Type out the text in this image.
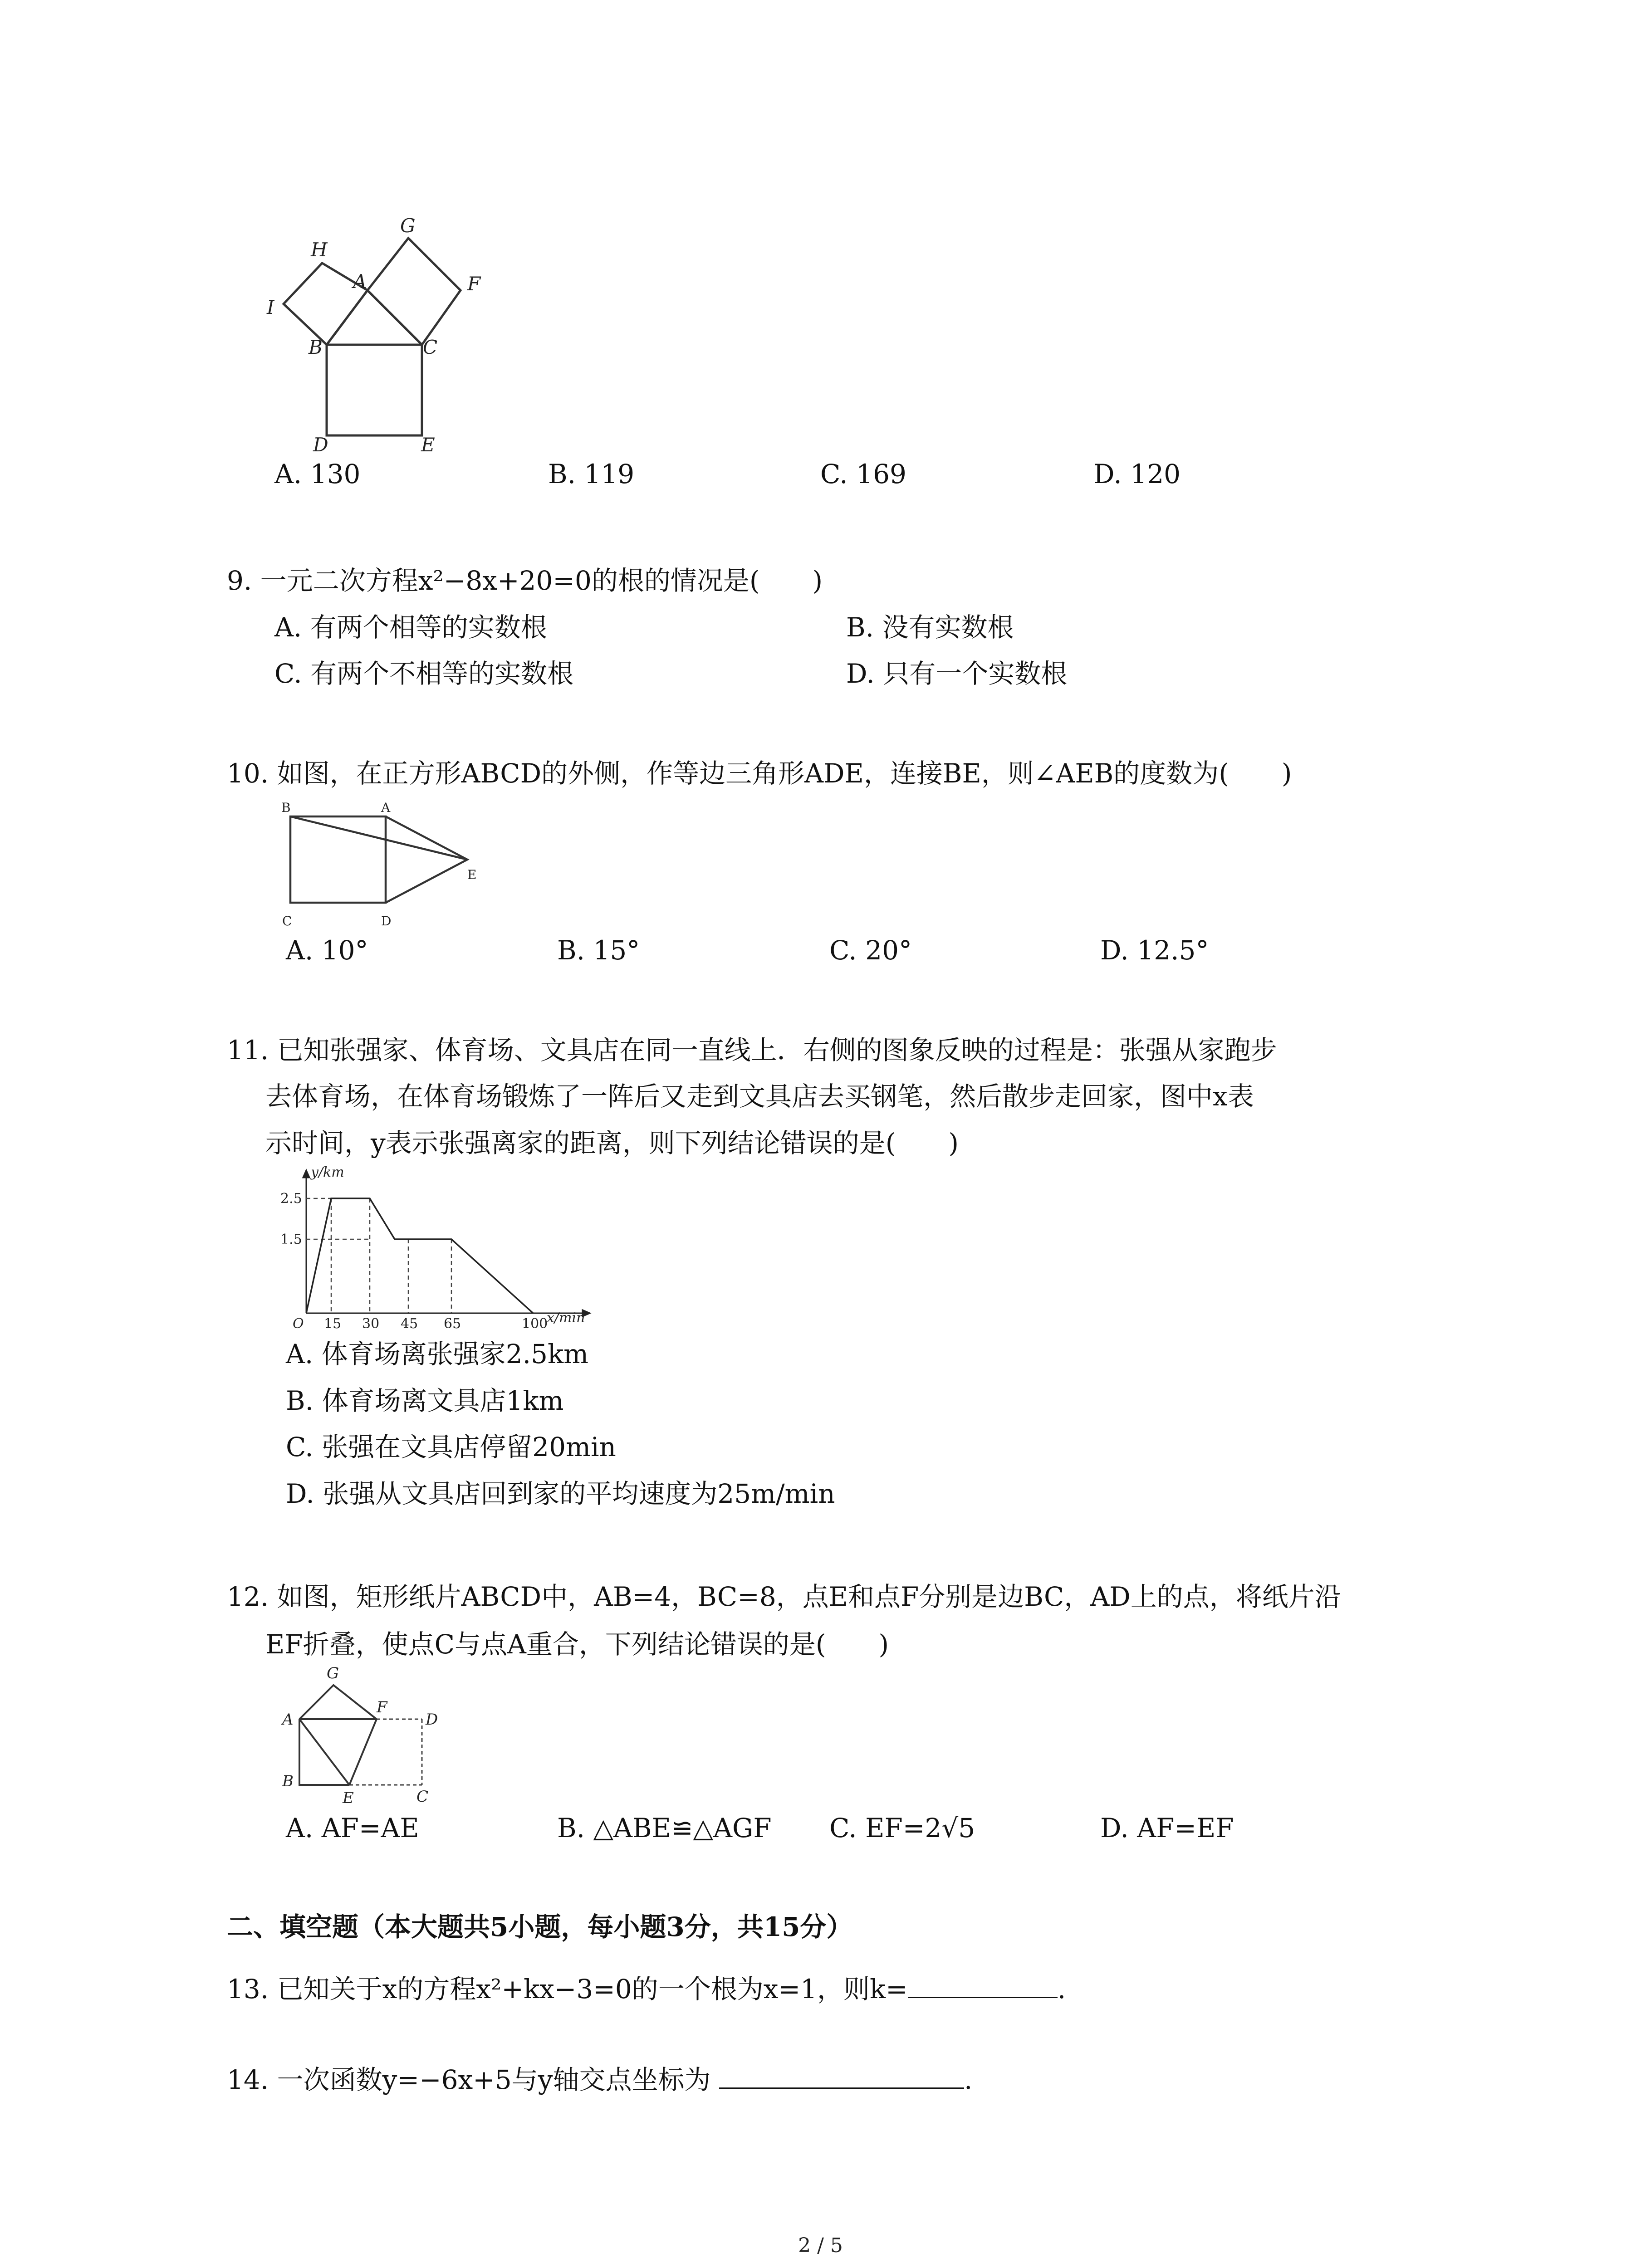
G
H
A	F
I
B	C
D	E
A. 130	B. 119	C. 169	D. 120
9. 一元二次方程x²−8x+20=0的根的情况是(　　)
A. 有两个相等的实数根	B. 没有实数根
C. 有两个不相等的实数根	D. 只有一个实数根
10. 如图，在正方形ABCD的外侧，作等边三角形ADE，连接BE，则∠AEB的度数为(　　)
B	A
C	D
E
A. 10°	B. 15°	C. 20°	D. 12.5°
11. 已知张强家、体育场、文具店在同一直线上．右侧的图象反映的过程是：张强从家跑步
去体育场，在体育场锻炼了一阵后又走到文具店去买钢笔，然后散步走回家，图中x表
示时间，y表示张强离家的距离，则下列结论错误的是(　　)
y/km
2.5
1.5
O 15 30 45 65	100
x/min
A. 体育场离张强家2.5km
B. 体育场离文具店1km
C. 张强在文具店停留20min
D. 张强从文具店回到家的平均速度为25m/min
12. 如图，矩形纸片ABCD中，AB=4，BC=8，点E和点F分别是边BC，AD上的点，将纸片沿
EF折叠，使点C与点A重合，下列结论错误的是(　　)
G
F
A	D
B
E	C
A. AF=AE	B. △ABE≌△AGF C. EF=2√5	D. AF=EF
二、填空题（本大题共5小题，每小题3分，共15分）
13. 已知关于x的方程x²+kx−3=0的一个根为x=1，则k=	.
14. 一次函数y=−6x+5与y轴交点坐标为	.
2 / 5
